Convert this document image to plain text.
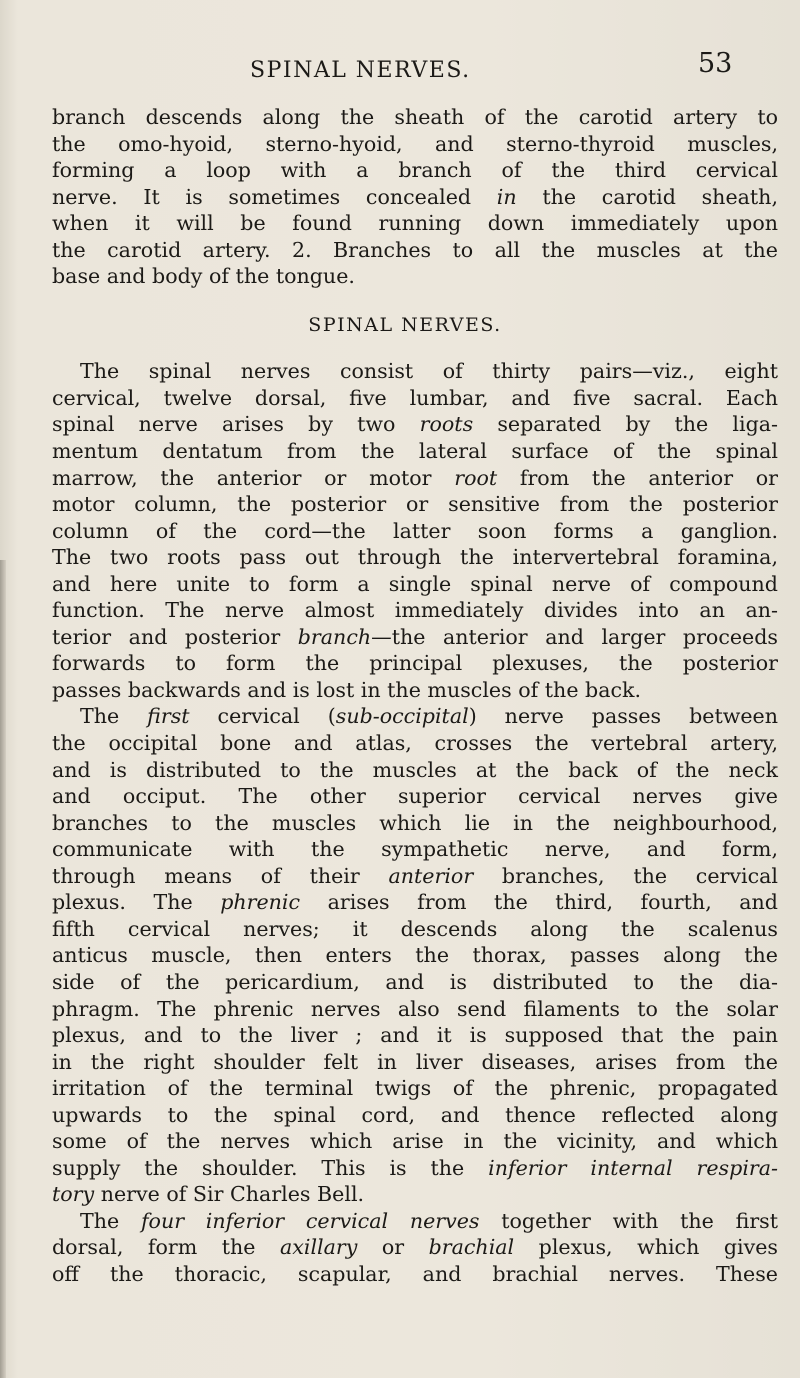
SPINAL NERVES.	53
branch descends along the sheath of the carotid artery to
the omo-hyoid, sterno-hyoid, and sterno-thyroid muscles,
forming a loop with a branch of the third cervical
nerve. It is sometimes concealed in the carotid sheath,
when it will be found running down immediately upon
the carotid artery. 2. Branches to all the muscles at the
base and body of the tongue.
SPINAL NERVES.
The spinal nerves consist of thirty pairs—viz., eight
cervical, twelve dorsal, five lumbar, and five sacral. Each
spinal nerve arises by two roots separated by the liga-
mentum dentatum from the lateral surface of the spinal
marrow, the anterior or motor root from the anterior or
motor column, the posterior or sensitive from the posterior
column of the cord—the latter soon forms a ganglion.
The two roots pass out through the intervertebral foramina,
and here unite to form a single spinal nerve of compound
function. The nerve almost immediately divides into an an-
terior and posterior branch—the anterior and larger proceeds
forwards to form the principal plexuses, the posterior
passes backwards and is lost in the muscles of the back.
The first cervical (sub-occipital) nerve passes between
the occipital bone and atlas, crosses the vertebral artery,
and is distributed to the muscles at the back of the neck
and occiput. The other superior cervical nerves give
branches to the muscles which lie in the neighbourhood,
communicate with the sympathetic nerve, and form,
through means of their anterior branches, the cervical
plexus. The phrenic arises from the third, fourth, and
fifth cervical nerves; it descends along the scalenus
anticus muscle, then enters the thorax, passes along the
side of the pericardium, and is distributed to the dia-
phragm. The phrenic nerves also send filaments to the solar
plexus, and to the liver ; and it is supposed that the pain
in the right shoulder felt in liver diseases, arises from the
irritation of the terminal twigs of the phrenic, propagated
upwards to the spinal cord, and thence reflected along
some of the nerves which arise in the vicinity, and which
supply the shoulder. This is the inferior internal respira-
tory nerve of Sir Charles Bell.
The four inferior cervical nerves together with the first
dorsal, form the axillary or brachial plexus, which gives
off the thoracic, scapular, and brachial nerves. These
